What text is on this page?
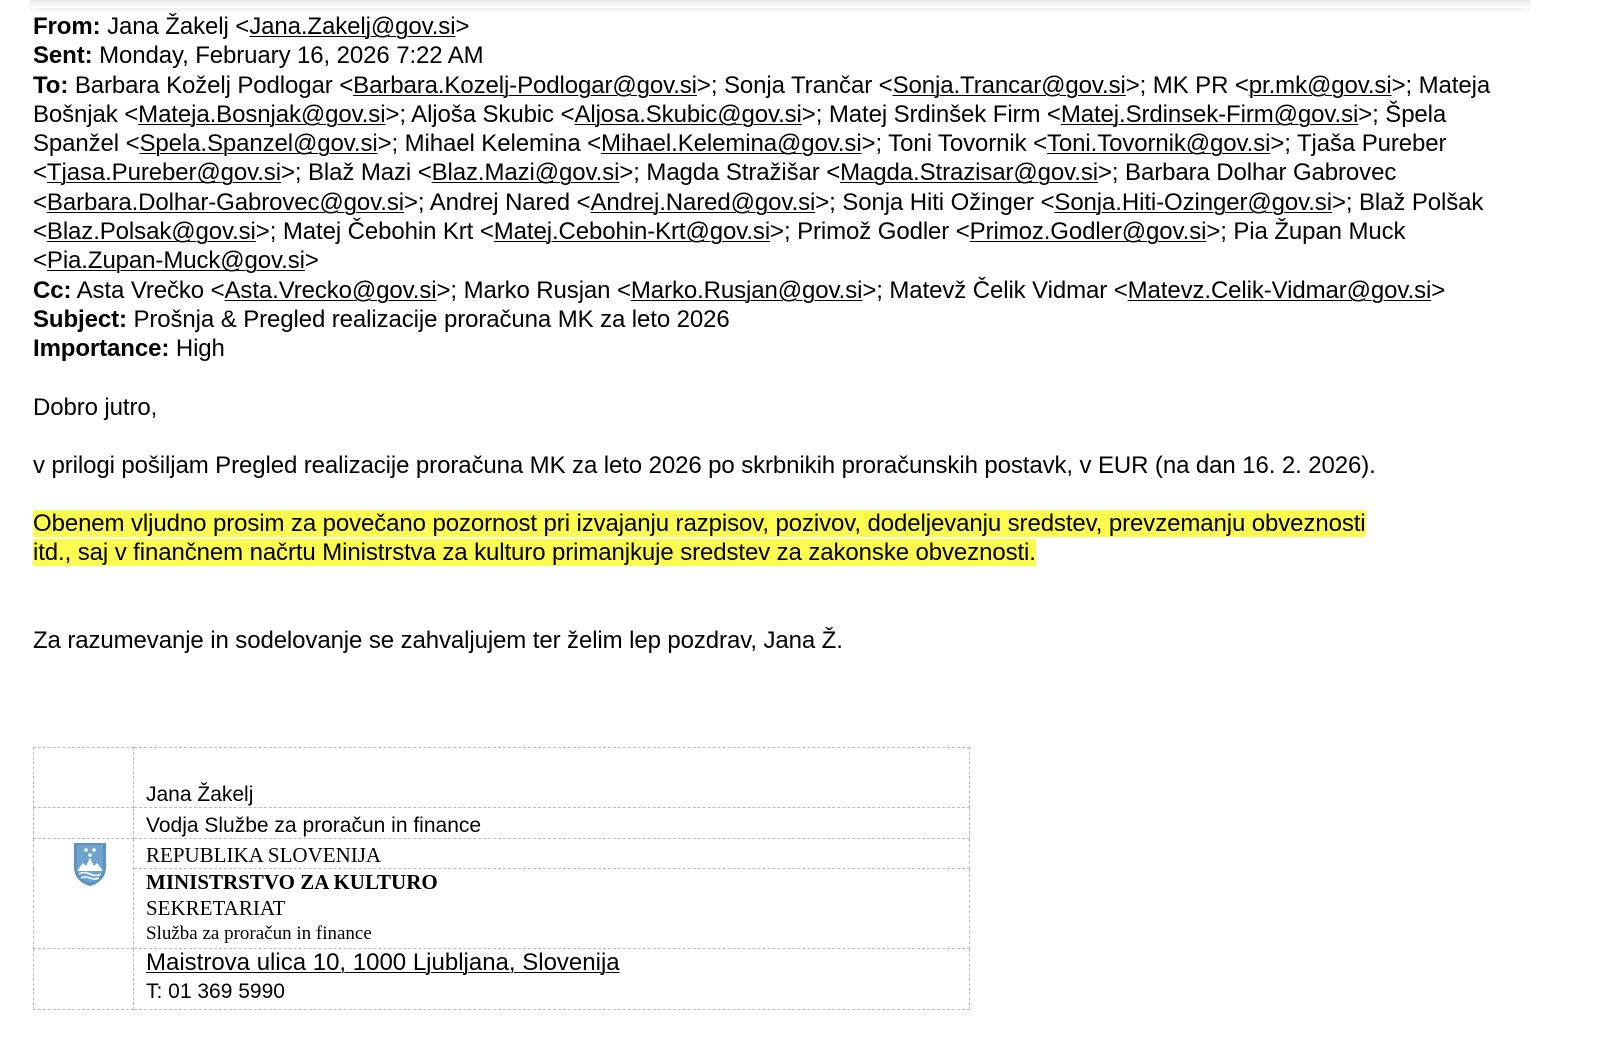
From: Jana Žakelj <Jana.Zakelj@gov.si>
Sent: Monday, February 16, 2026 7:22 AM
To: Barbara Koželj Podlogar <Barbara.Kozelj-Podlogar@gov.si>; Sonja Trančar <Sonja.Trancar@gov.si>; MK PR <pr.mk@gov.si>; Mateja Bošnjak <Mateja.Bosnjak@gov.si>; Aljoša Skubic <Aljosa.Skubic@gov.si>; Matej Srdinšek Firm <Matej.Srdinsek-Firm@gov.si>; Špela Spanžel <Spela.Spanzel@gov.si>; Mihael Kelemina <Mihael.Kelemina@gov.si>; Toni Tovornik <Toni.Tovornik@gov.si>; Tjaša Pureber <Tjasa.Pureber@gov.si>; Blaž Mazi <Blaz.Mazi@gov.si>; Magda Stražišar <Magda.Strazisar@gov.si>; Barbara Dolhar Gabrovec <Barbara.Dolhar-Gabrovec@gov.si>; Andrej Nared <Andrej.Nared@gov.si>; Sonja Hiti Ožinger <Sonja.Hiti-Ozinger@gov.si>; Blaž Polšak <Blaz.Polsak@gov.si>; Matej Čebohin Krt <Matej.Cebohin-Krt@gov.si>; Primož Godler <Primoz.Godler@gov.si>; Pia Župan Muck <Pia.Zupan-Muck@gov.si>
Cc: Asta Vrečko <Asta.Vrecko@gov.si>; Marko Rusjan <Marko.Rusjan@gov.si>; Matevž Čelik Vidmar <Matevz.Celik-Vidmar@gov.si>
Subject: Prošnja & Pregled realizacije proračuna MK za leto 2026
Importance: High

Dobro jutro,

v prilogi pošiljam Pregled realizacije proračuna MK za leto 2026 po skrbnikih proračunskih postavk, v EUR (na dan 16. 2. 2026).

Obenem vljudno prosim za povečano pozornost pri izvajanju razpisov, pozivov, dodeljevanju sredstev, prevzemanju obveznosti
itd., saj v finančnem načrtu Ministrstva za kulturo primanjkuje sredstev za zakonske obveznosti.

Za razumevanje in sodelovanje se zahvaljujem ter želim lep pozdrav, Jana Ž.

	Jana Žakelj
	Vodja Službe za proračun in finance

	REPUBLIKA SLOVENIJA

	MINISTRSTVO ZA KULTURO
SEKRETARIAT
Služba za proračun in finance

	Maistrova ulica 10, 1000 Ljubljana, Slovenija
T: 01 369 5990
